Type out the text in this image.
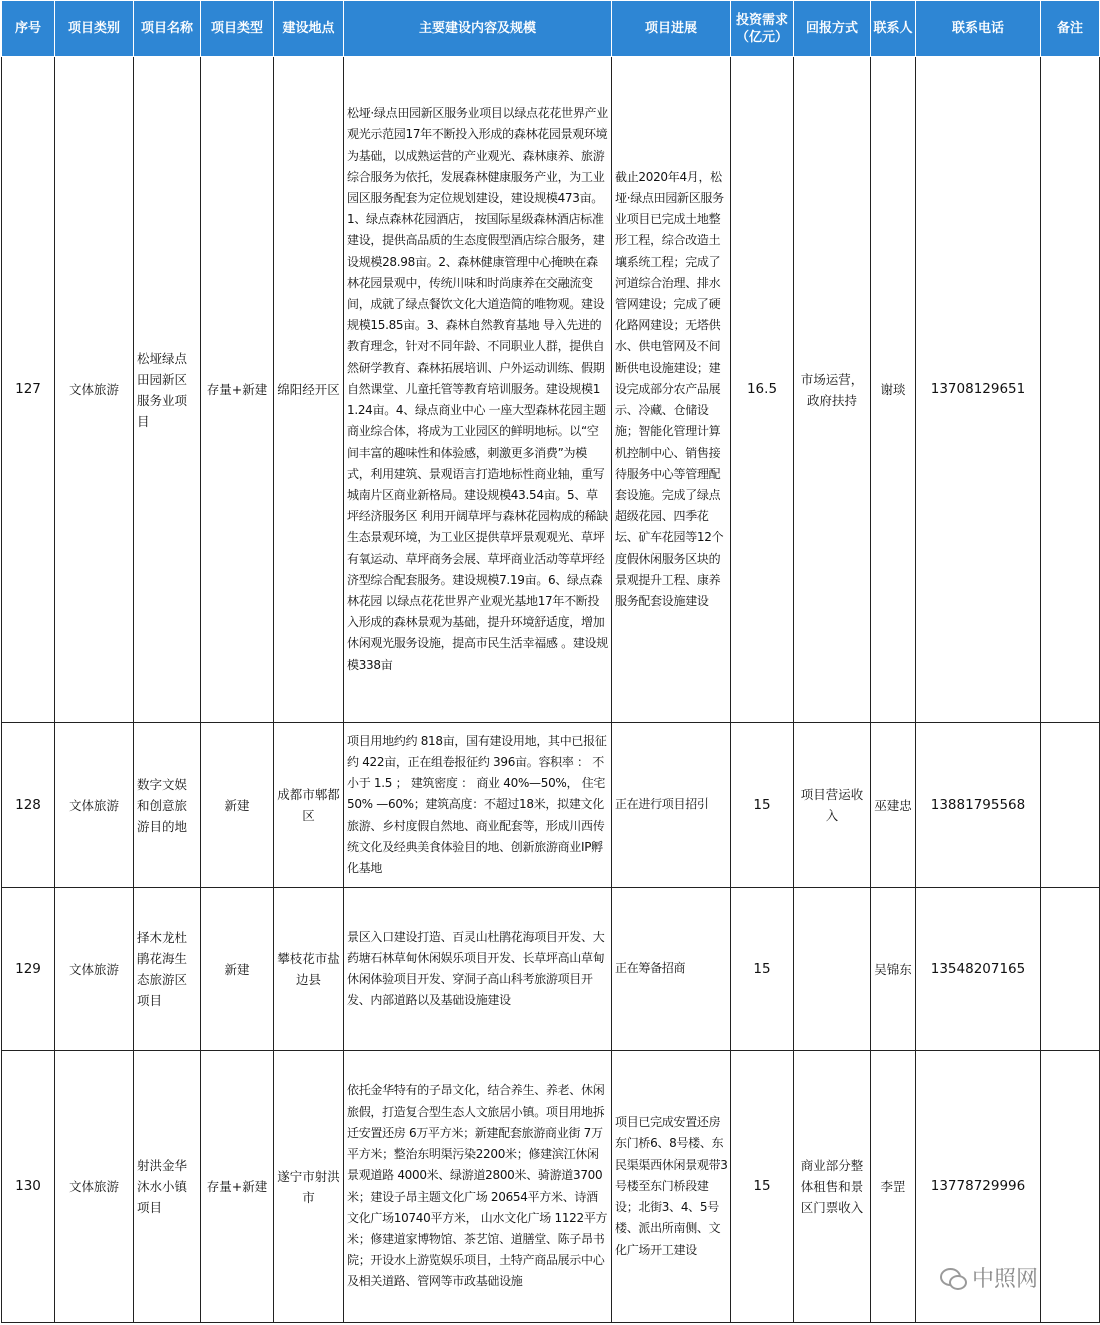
序号	项目类别	项目名称	项目类型	建设地点	主要建设内容及规模	项目进展	投资需求（亿元）	回报方式	联系人	联系电话	备注
127	文体旅游	松垭绿点田园新区服务业项目	存量+新建	绵阳经开区	松垭·绿点田园新区服务业项目以绿点花花世界产业观光示范园17年不断投入形成的森林花园景观环境为基础，以成熟运营的产业观光、森林康养、旅游综合服务为依托，发展森林健康服务产业，为工业园区服务配套为定位规划建设，建设规模473亩。1、绿点森林花园酒店， 按国际星级森林酒店标准建设，提供高品质的生态度假型酒店综合服务，建设规模28.98亩。2、森林健康管理中心掩映在森林花园景观中，传统川味和时尚康养在交融流变间，成就了绿点餐饮文化大道造简的唯物观。建设规模15.85亩。3、森林自然教育基地 导入先进的教育理念，针对不同年龄、不同职业人群，提供自然研学教育、森林拓展培训、户外运动训练、假期自然课堂、儿童托管等教育培训服务。建设规模11.24亩。4、绿点商业中心 一座大型森林花园主题商业综合体，将成为工业园区的鲜明地标。以“空间丰富的趣味性和体验感，刺激更多消费”为模式，利用建筑、景观语言打造地标性商业轴，重写城南片区商业新格局。建设规模43.54亩。5、草坪经济服务区 利用开阔草坪与森林花园构成的稀缺生态景观环境，为工业区提供草坪景观观光、草坪有氧运动、草坪商务会展、草坪商业活动等草坪经济型综合配套服务。建设规模7.19亩。6、绿点森林花园 以绿点花花世界产业观光基地17年不断投入形成的森林景观为基础，提升环境舒适度，增加休闲观光服务设施，提高市民生活幸福感 。建设规模338亩	截止2020年4月，松垭·绿点田园新区服务业项目已完成土地整形工程，综合改造土壤系统工程；完成了河道综合治理、排水管网建设；完成了硬化路网建设；无塔供水、供电管网及不间断供电设施建设；建设完成部分农产品展示、冷藏、仓储设施；智能化管理计算机控制中心、销售接待服务中心等管理配套设施。完成了绿点超级花园、四季花坛、矿车花园等12个度假休闲服务区块的景观提升工程、康养服务配套设施建设	16.5	市场运营，政府扶持	谢琰	13708129651	
128	文体旅游	数字文娱和创意旅游目的地	新建	成都市郫都区	项目用地约约 818亩，国有建设用地，其中已报征约 422亩，正在组卷报征约 396亩。容积率 ： 不小于 1.5 ； 建筑密度 ： 商业 40%—50%， 住宅 50% —60%；建筑高度：不超过18米，拟建文化旅游、乡村度假自然地、商业配套等，形成川西传统文化及经典美食体验目的地、创新旅游商业IP孵化基地	正在进行项目招引	15	项目营运收入	巫建忠	13881795568	
129	文体旅游	择木龙杜鹃花海生态旅游区项目	新建	攀枝花市盐边县	景区入口建设打造、百灵山杜鹃花海项目开发、大药塘石林草甸休闲娱乐项目开发、长草坪高山草甸休闲体验项目开发、穿洞子高山科考旅游项目开发、内部道路以及基础设施建设	正在筹备招商	15		吴锦东	13548207165	
130	文体旅游	射洪金华沐水小镇项目	存量+新建	遂宁市射洪市	依托金华特有的子昂文化，结合养生、养老、休闲旅假，打造复合型生态人文旅居小镇。项目用地拆迁安置还房 6万平方米；新建配套旅游商业街 7万平方米；整治东明渠污染2200米；修建滨江休闲景观道路 4000米、绿游道2800米、骑游道3700米；建设子昂主题文化广场 20654平方米、诗酒文化广场10740平方米， 山水文化广场 1122平方米；修建道家博物馆、茶艺馆、道膳堂、陈子昂书院；开设水上游览娱乐项目，土特产商品展示中心及相关道路、管网等市政基础设施	项目已完成安置还房东门桥6、8号楼、东民渠渠西休闲景观带3号楼至东门桥段建设；北街3、4、5号楼、派出所南侧、文化广场开工建设	15	商业部分整体租售和景区门票收入	李罡	13778729996	
中照网
